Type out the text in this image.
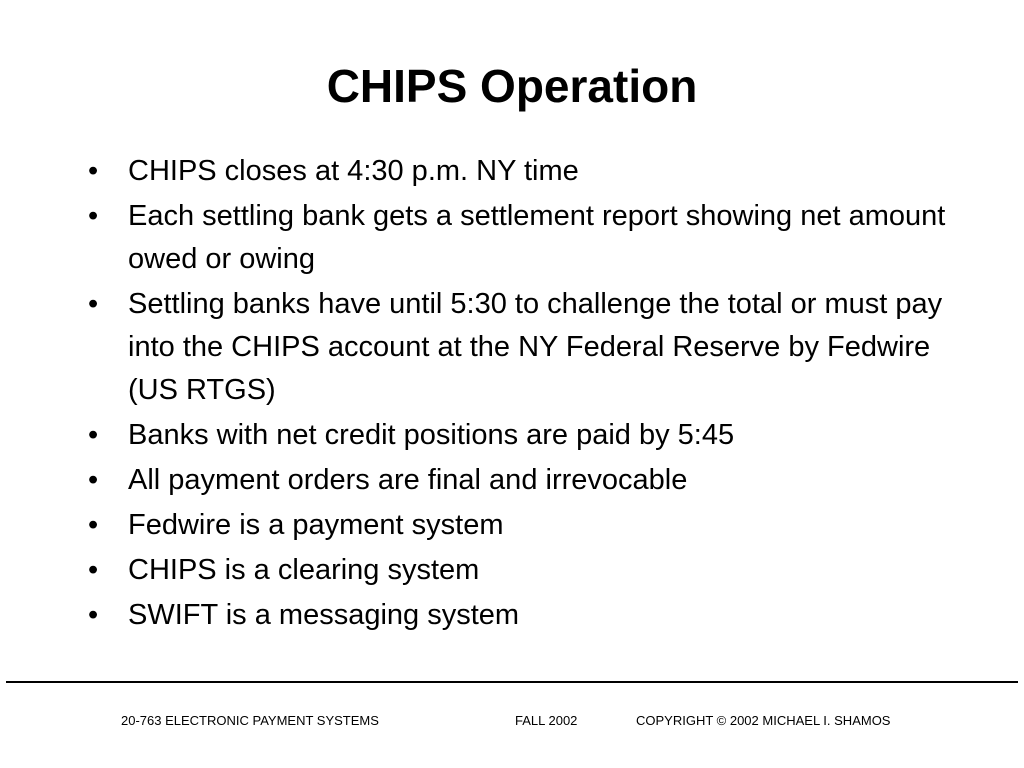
CHIPS Operation
• CHIPS closes at 4:30 p.m. NY time
• Each settling bank gets a settlement report showing net amount owed or owing
• Settling banks have until 5:30 to challenge the total or must pay into the CHIPS account at the NY Federal Reserve by Fedwire (US RTGS)
• Banks with net credit positions are paid by 5:45
• All payment orders are final and irrevocable
• Fedwire is a payment system
• CHIPS is a clearing system
• SWIFT is a messaging system
20-763 ELECTRONIC PAYMENT SYSTEMS	FALL 2002	COPYRIGHT © 2002 MICHAEL I. SHAMOS
